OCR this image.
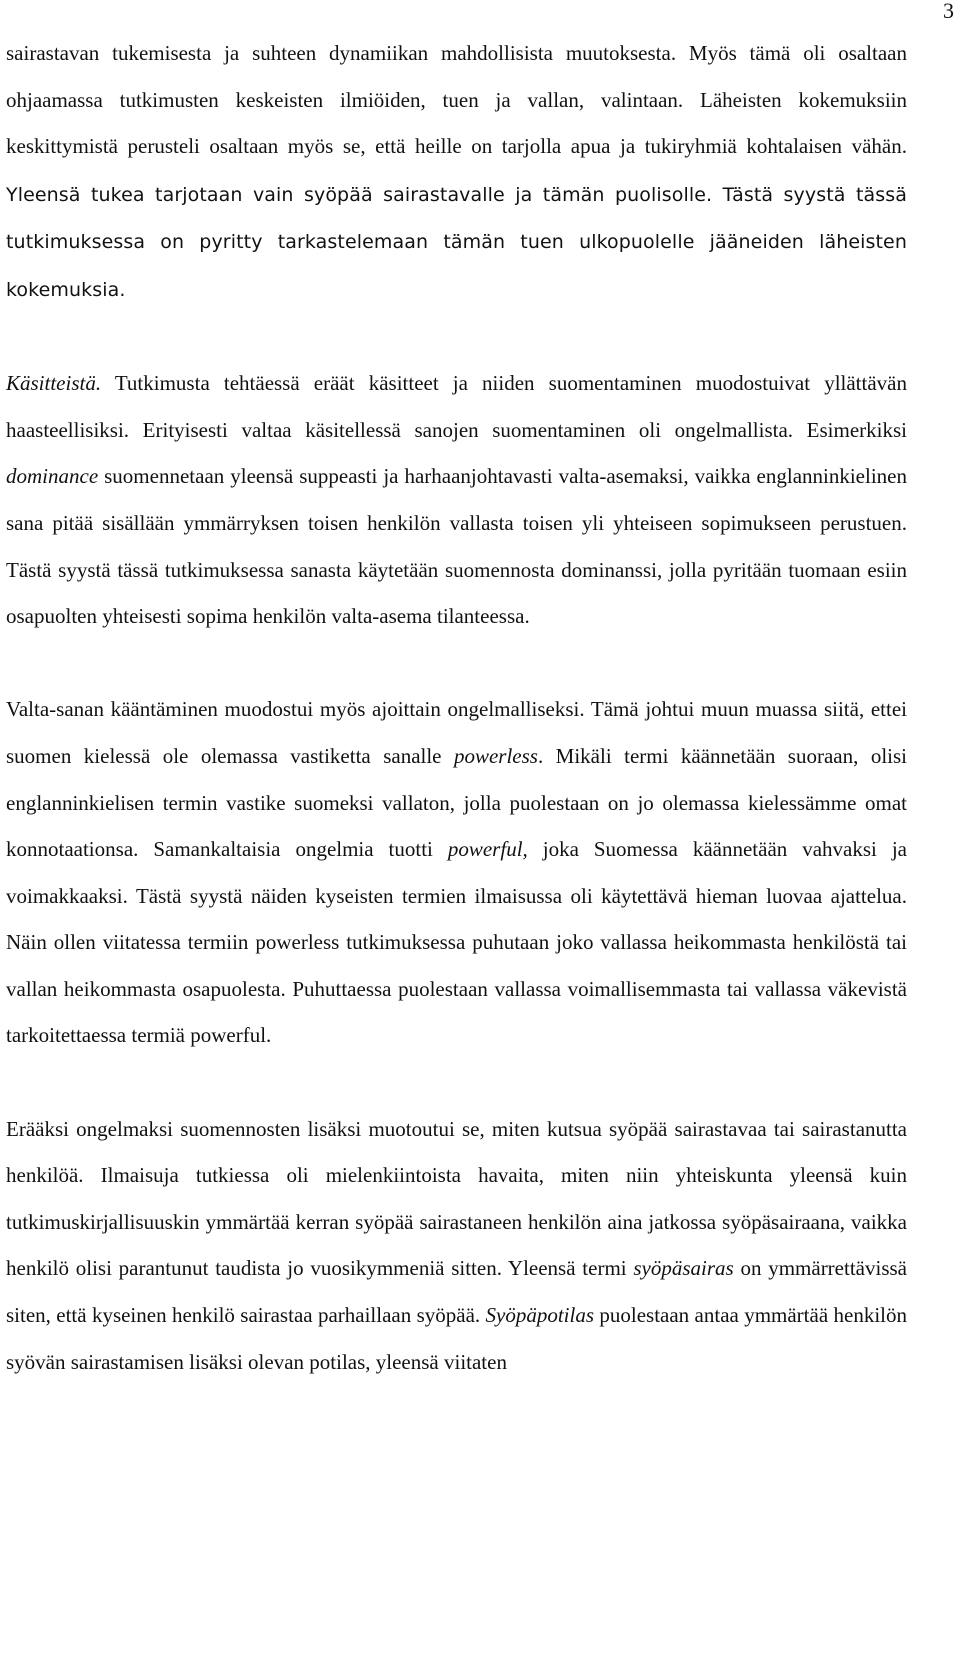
3

sairastavan tukemisesta ja suhteen dynamiikan mahdollisista muutoksesta. Myös tämä oli osaltaan ohjaamassa tutkimusten keskeisten ilmiöiden, tuen ja vallan, valintaan. Läheisten kokemuksiin keskittymistä perusteli osaltaan myös se, että heille on tarjolla apua ja tukiryhmiä kohtalaisen vähän. Yleensä tukea tarjotaan vain syöpää sairastavalle ja tämän puolisolle. Tästä syystä tässä tutkimuksessa on pyritty tarkastelemaan tämän tuen ulkopuolelle jääneiden läheisten kokemuksia.

Käsitteistä. Tutkimusta tehtäessä eräät käsitteet ja niiden suomentaminen muodostuivat yllättävän haasteellisiksi. Erityisesti valtaa käsitellessä sanojen suomentaminen oli ongelmallista. Esimerkiksi dominance suomennetaan yleensä suppeasti ja harhaanjohtavasti valta-asemaksi, vaikka englanninkielinen sana pitää sisällään ymmärryksen toisen henkilön vallasta toisen yli yhteiseen sopimukseen perustuen. Tästä syystä tässä tutkimuksessa sanasta käytetään suomennosta dominanssi, jolla pyritään tuomaan esiin osapuolten yhteisesti sopima henkilön valta-asema tilanteessa.

Valta-sanan kääntäminen muodostui myös ajoittain ongelmalliseksi. Tämä johtui muun muassa siitä, ettei suomen kielessä ole olemassa vastiketta sanalle powerless. Mikäli termi käännetään suoraan, olisi englanninkielisen termin vastike suomeksi vallaton, jolla puolestaan on jo olemassa kielessämme omat konnotaationsa. Samankaltaisia ongelmia tuotti powerful, joka Suomessa käännetään vahvaksi ja voimakkaaksi. Tästä syystä näiden kyseisten termien ilmaisussa oli käytettävä hieman luovaa ajattelua. Näin ollen viitatessa termiin powerless tutkimuksessa puhutaan joko vallassa heikommasta henkilöstä tai vallan heikommasta osapuolesta. Puhuttaessa puolestaan vallassa voimallisemmasta tai vallassa väkevistä tarkoitettaessa termiä powerful.

Erääksi ongelmaksi suomennosten lisäksi muotoutui se, miten kutsua syöpää sairastavaa tai sairastanutta henkilöä. Ilmaisuja tutkiessa oli mielenkiintoista havaita, miten niin yhteiskunta yleensä kuin tutkimuskirjallisuuskin ymmärtää kerran syöpää sairastaneen henkilön aina jatkossa syöpäsairaana, vaikka henkilö olisi parantunut taudista jo vuosikymmeniä sitten. Yleensä termi syöpäsairas on ymmärrettävissä siten, että kyseinen henkilö sairastaa parhaillaan syöpää. Syöpäpotilas puolestaan antaa ymmärtää henkilön syövän sairastamisen lisäksi olevan potilas, yleensä viitaten
